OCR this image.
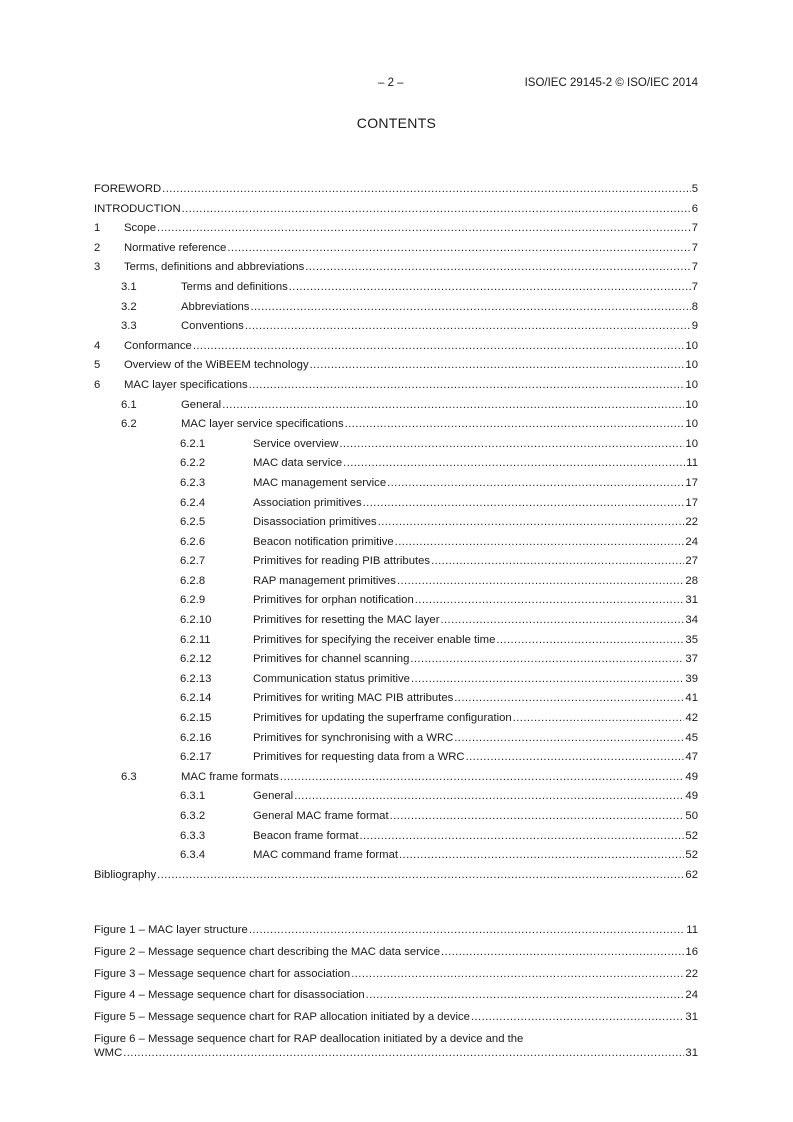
– 2 –	ISO/IEC 29145-2 © ISO/IEC 2014
CONTENTS
FOREWORD .....	5
INTRODUCTION .....	6
1 Scope .....	7
2 Normative reference .....	7
3 Terms, definitions and abbreviations .....	7
3.1	Terms and definitions .....	7
3.2	Abbreviations .....	8
3.3	Conventions .....	9
4 Conformance .....	10
5 Overview of the WiBEEM technology .....	10
6 MAC layer specifications .....	10
6.1	General .....	10
6.2	MAC layer service specifications .....	10
6.2.1	Service overview .....	10
6.2.2	MAC data service .....	11
6.2.3	MAC management service .....	17
6.2.4	Association primitives .....	17
6.2.5	Disassociation primitives .....	22
6.2.6	Beacon notification primitive .....	24
6.2.7	Primitives for reading PIB attributes .....	27
6.2.8	RAP management primitives .....	28
6.2.9	Primitives for orphan notification .....	31
6.2.10	Primitives for resetting the MAC layer .....	34
6.2.11	Primitives for specifying the receiver enable time .....	35
6.2.12	Primitives for channel scanning .....	37
6.2.13	Communication status primitive .....	39
6.2.14	Primitives for writing MAC PIB attributes .....	41
6.2.15	Primitives for updating the superframe configuration .....	42
6.2.16	Primitives for synchronising with a WRC .....	45
6.2.17	Primitives for requesting data from a WRC .....	47
6.3	MAC frame formats .....	49
6.3.1	General .....	49
6.3.2	General MAC frame format .....	50
6.3.3	Beacon frame format .....	52
6.3.4	MAC command frame format .....	52
Bibliography .....	62
Figure 1 – MAC layer structure .....	11
Figure 2 – Message sequence chart describing the MAC data service .....	16
Figure 3 – Message sequence chart for association .....	22
Figure 4 – Message sequence chart for disassociation .....	24
Figure 5 – Message sequence chart for RAP allocation initiated by a device .....	31
Figure 6 – Message sequence chart for RAP deallocation initiated by a device and the
WMC .....	31
